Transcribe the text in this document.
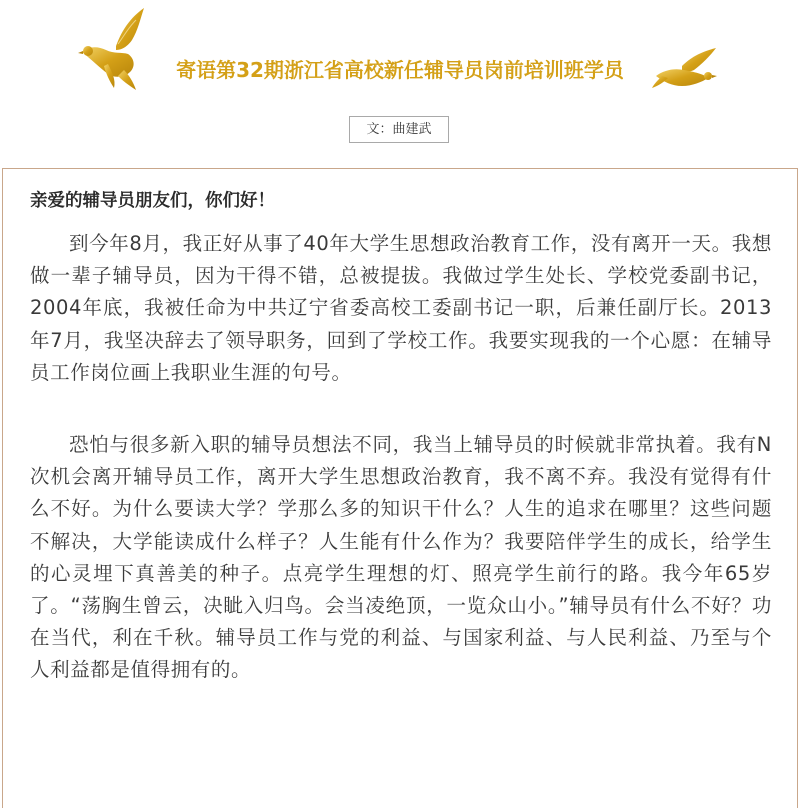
寄语第32期浙江省高校新任辅导员岗前培训班学员
文：曲建武
亲爱的辅导员朋友们，你们好！

到今年8月，我正好从事了40年大学生思想政治教育工作，没有离开一天。我想做一辈子辅导员，因为干得不错，总被提拔。我做过学生处长、学校党委副书记，2004年底，我被任命为中共辽宁省委高校工委副书记一职，后兼任副厅长。2013年7月，我坚决辞去了领导职务，回到了学校工作。我要实现我的一个心愿：在辅导员工作岗位画上我职业生涯的句号。

恐怕与很多新入职的辅导员想法不同，我当上辅导员的时候就非常执着。我有N次机会离开辅导员工作，离开大学生思想政治教育，我不离不弃。我没有觉得有什么不好。为什么要读大学？学那么多的知识干什么？人生的追求在哪里？这些问题不解决，大学能读成什么样子？人生能有什么作为？我要陪伴学生的成长，给学生的心灵埋下真善美的种子。点亮学生理想的灯、照亮学生前行的路。我今年65岁了。“荡胸生曾云，决眦入归鸟。会当凌绝顶，一览众山小。”辅导员有什么不好？功在当代，利在千秋。辅导员工作与党的利益、与国家利益、与人民利益、乃至与个人利益都是值得拥有的。
